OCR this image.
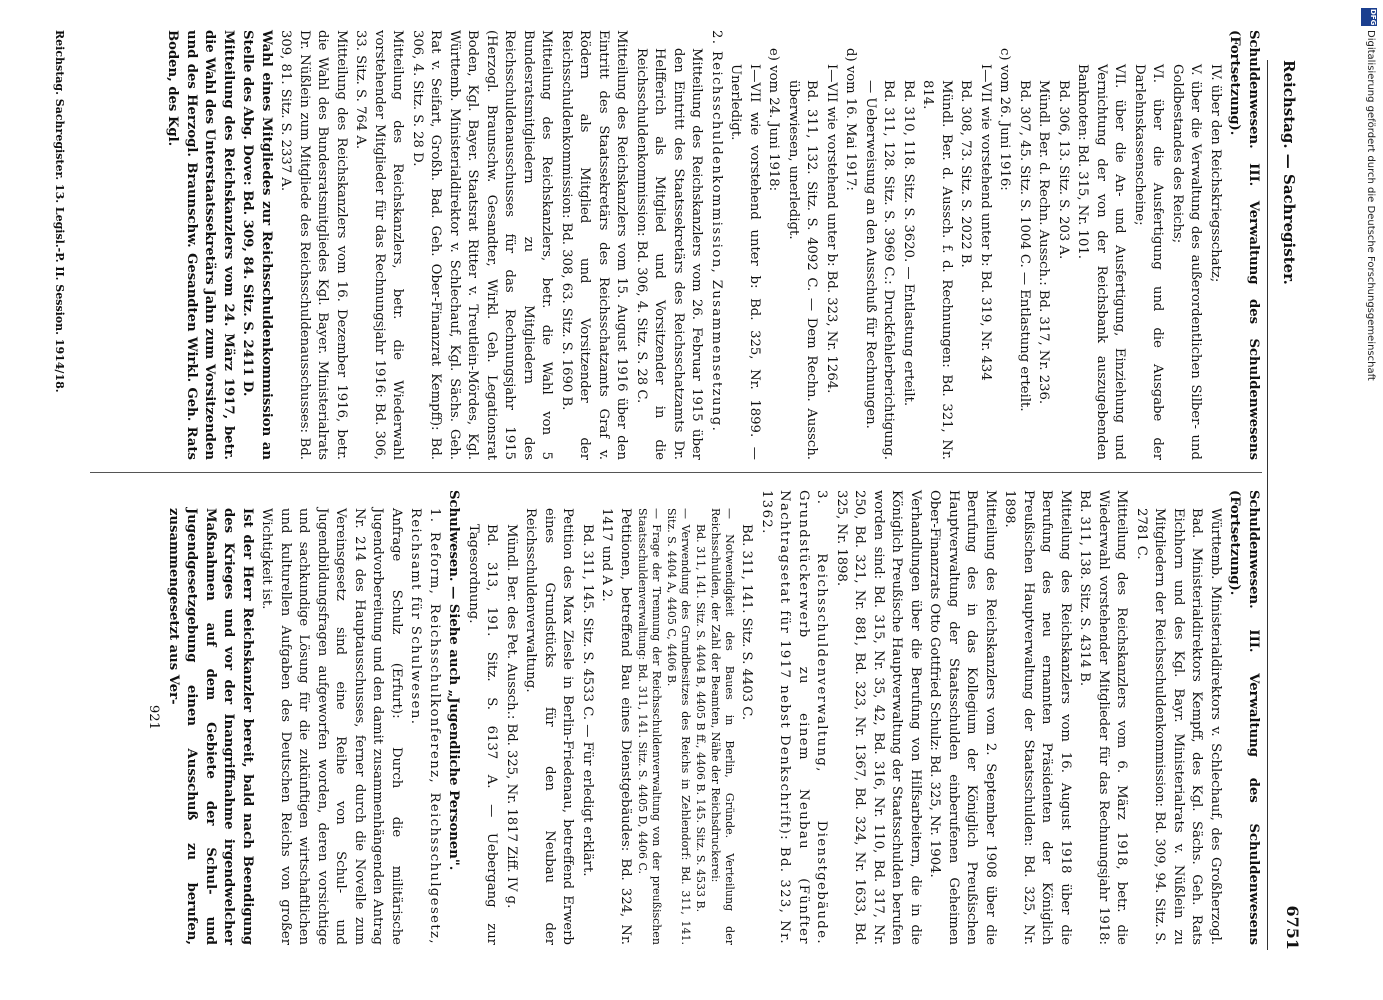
DFG
Digitalisierung gefördert durch die Deutsche Forschungsgemeinschaft
Reichstag. — Sachregister.
6751

Schuldenwesen. III. Verwaltung des Schuldenwesens (Fortsetzung).

IV. über den Reichskriegsschatz;

V. über die Verwaltung des außerordentlichen Silber- und Goldbestandes des Reichs;

VI. über die Ausfertigung und die Ausgabe der Darlehnskassenscheine;

VII. über die An- und Ausfertigung, Einziehung und Vernichtung der von der Reichsbank auszugebenden Banknoten: Bd. 315, Nr. 101.

Bd. 306, 13. Sitz. S. 203 A.

Mündl. Ber. d. Rechn. Aussch.: Bd. 317, Nr. 236.

Bd. 307, 45. Sitz. S. 1004 C. — Entlastung erteilt.

c) vom 26. Juni 1916:

I—VII wie vorstehend unter b: Bd. 319, Nr. 434

Bd. 308, 73. Sitz. S. 2022 B.

Mündl. Ber. d. Aussch. f. d. Rechnungen: Bd. 321, Nr. 814.

Bd. 310, 118. Sitz. S. 3620. — Entlastung erteilt.

Bd. 311, 128. Sitz. S. 3969 C.: Druckfehlerberichtigung. — Ueberweisung an den Ausschuß für Rechnungen.

d) vom 16. Mai 1917:

I—VII wie vorstehend unter b: Bd. 323, Nr. 1264.

Bd. 311, 132. Sitz. S. 4092 C. — Dem Rechn. Aussch. überwiesen, unerledigt.

e) vom 24. Juni 1918:

I—VII wie vorstehend unter b: Bd. 325, Nr. 1899. — Unerledigt.

2. Reichsschuldenkommission, Zusammensetzung.

Mitteilung des Reichskanzlers vom 26. Februar 1915 über den Eintritt des Staatssekretärs des Reichsschatzamts Dr. Helfferich als Mitglied und Vorsitzender in die Reichsschuldenkommission: Bd. 306, 4. Sitz. S. 28 C.

Mitteilung des Reichskanzlers vom 15. August 1916 über den Eintritt des Staatssekretärs des Reichsschatzamts Graf v. Rödern als Mitglied und Vorsitzender der Reichsschuldenkommission: Bd. 308, 63. Sitz. S. 1690 B.

Mitteilung des Reichskanzlers, betr. die Wahl von 5 Bundesratsmitgliedern zu Mitgliedern des Reichsschuldenausschusses für das Rechnungsjahr 1915 (Herzogl. Braunschw. Gesandter, Wirkl. Geh. Legationsrat Boden, Kgl. Bayer. Staatsrat Ritter v. Treutlein-Mördes, Kgl. Württemb. Ministerialdirektor v. Schlechauf, Kgl. Sächs. Geh. Rat v. Seifart, Großh. Bad. Geh. Ober-Finanzrat Kempff): Bd. 306, 4. Sitz. S. 28 D.

Mitteilung des Reichskanzlers, betr. die Wiederwahl vorstehender Mitglieder für das Rechnungsjahr 1916: Bd. 306, 33. Sitz. S. 764 A.

Mitteilung des Reichskanzlers vom 16. Dezember 1916, betr. die Wahl des Bundesratsmitgliedes Kgl. Bayer. Ministerialrats Dr. Nüßlein zum Mitgliede des Reichsschuldenausschusses: Bd. 309, 81. Sitz. S. 2337 A.

Wahl eines Mitgliedes zur Reichsschuldenkommission an Stelle des Abg. Dove: Bd. 309, 84. Sitz. S. 2411 D.

Mitteilung des Reichskanzlers vom 24. März 1917, betr. die Wahl des Unterstaatssekretärs Jahn zum Vorsitzenden und des Herzogl. Braunschw. Gesandten Wirkl. Geh. Rats Boden, des Kgl.

Reichstag. Sachregister. 13. Legisl.-P. II. Session. 1914/18.

Schuldenwesen. III. Verwaltung des Schuldenwesens (Fortsetzung).

Württemb. Ministerialdirektors v. Schlechauf, des Großherzogl. Bad. Ministerialdirektors Kempff, des Kgl. Sächs. Geh. Rats Eichhorn und des Kgl. Bayr. Ministerialrats v. Nüßlein zu Mitgliedern der Reichsschuldenkommission: Bd. 309, 94. Sitz. S. 2781 C.

Mitteilung des Reichskanzlers vom 6. März 1918, betr. die Wiederwahl vorstehender Mitglieder für das Rechnungsjahr 1918: Bd. 311, 138. Sitz. S. 4314 B.

Mitteilung des Reichskanzlers vom 16. August 1918 über die Berufung des neu ernannten Präsidenten der Königlich Preußischen Hauptverwaltung der Staatsschulden: Bd. 325, Nr. 1898.

Mitteilung des Reichskanzlers vom 2. September 1908 über die Berufung des in das Kollegium der Königlich Preußischen Hauptverwaltung der Staatsschulden einberufenen Geheimen Ober-Finanzrats Otto Gottfried Schulz: Bd. 325, Nr. 1904.

Verhandlungen über die Berufung von Hilfsarbeitern, die in die Königlich Preußische Hauptverwaltung der Staatsschulden berufen worden sind: Bd. 315, Nr. 35, 42, Bd. 316, Nr. 110, Bd. 317, Nr. 250, Bd. 321, Nr. 881, Bd. 323, Nr. 1367, Bd. 324, Nr. 1633, Bd. 325, Nr. 1898.

3. Reichsschuldenverwaltung, Dienstgebäude. Grundstückerwerb zu einem Neubau (Fünfter Nachtragsetat für 1917 nebst Denkschrift): Bd. 323, Nr. 1362.

Bd. 311, 141. Sitz. S. 4403 C.

— Notwendigkeit des Baues in Berlin, Gründe. Verteilung der Reichsschulden, der Zahl der Beamten, Nähe der Reichsdruckerei:

Bd. 311, 141. Sitz. S. 4404 B, 4405 B ff., 4406 B. 145. Sitz. S. 4533 B.

— Verwendung des Grundbesitzes des Reichs in Zehlendorf: Bd. 311, 141. Sitz. S. 4404 A, 4405 C, 4406 B.

— Frage der Trennung der Reichsschuldenverwaltung von der preußischen Staatsschuldenverwaltung: Bd. 311, 141. Sitz. S. 4405 D, 4406 C.

Petitionen, betreffend Bau eines Dienstgebäudes: Bd. 324, Nr. 1417 und A 2.

Bd. 311, 145. Sitz. S. 4533 C. — Für erledigt erklärt.

Petition des Max Ziesle in Berlin-Friedenau, betreffend Erwerb eines Grundstücks für den Neubau der Reichsschuldenverwaltung.

Mündl. Ber. des Pet. Aussch.: Bd. 325, Nr. 1817 Ziff. IV g.

Bd. 313, 191. Sitz. S. 6137 A. — Uebergang zur Tagesordnung.

Schulwesen. — Siehe auch „Jugendliche Personen".

1. Reform, Reichsschulkonferenz, Reichsschulgesetz, Reichsamt für Schulwesen.

Anfrage Schulz (Erfurt): Durch die militärische Jugendvorbereitung und den damit zusammenhängenden Antrag Nr. 214 des Hauptausschusses, ferner durch die Novelle zum Vereinsgesetz sind eine Reihe von Schul- und Jugendbildungsfragen aufgeworfen worden, deren vorsichtige und sachkundige Lösung für die zukünftigen wirtschaftlichen und kulturellen Aufgaben des Deutschen Reichs von großer Wichtigkeit ist.

Ist der Herr Reichskanzler bereit, bald nach Beendigung des Krieges und vor der Inangriffnahme irgendwelcher Maßnahmen auf dem Gebiete der Schul- und Jugendgesetzgebung einen Ausschuß zu berufen, zusammengesetzt aus Ver-

921
